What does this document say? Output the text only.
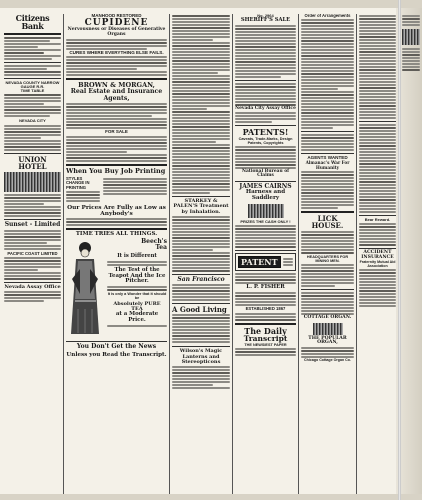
Citizens Bank
NEVADA COUNTY NARROW GAUGE R.R.
TIME TABLE
NEVADA CITY
UNION HOTEL
Sunset - Limited
PACIFIC COAST LIMITED
Nevada Assay Office
MANHOOD RESTORED
CUPIDENE
Nervousness or Diseases of Generative Organs
CURES WHERE EVERYTHING ELSE FAILS.
BROWN & MORGAN,
Real Estate and Insurance Agents,
FOR SALE
When You Buy Job Printing
STYLES CHANGE IN PRINTING
Our Prices Are Fully as Low as Anybody's
TIME TRIES ALL THINGS.
Beech's
Tea
It is Different
The Test of the Teapot And the Ice Pitcher.
It is only a Wonder that it should be
Absolutely PURE TEA
at a Moderate Price.
You Don't Get the News
Unless you Read the Transcript.
STARKEY & PALEN'S Treatment by Inhalation.
San Francisco
A Good Living
Wilson's Magic Lanterns and Stereopticons
No. 2964
SHERIFF'S SALE
Nevada City Assay Office
PATENTS!
Caveats, Trade-Marks, Design Patents, Copyrights
National Bureau of Claims
JAMES CAIRNS
Harness and Saddlery
PRIZES THE CASH ONLY !
PATENT
L. P. FISHER
ESTABLISHED 1867
The Daily
Transcript
THE NEWSIEST PAPER
Order of Arrangements
AGENTS WANTED
Almanac's War For Humanity
LICK HOUSE.
HEADQUARTERS FOR MINING MEN.
COTTAGE ORGAN.
THE POPULAR ORGAN,
Chicago Cottage Organ Co.
Bear Reward.
ACCIDENT INSURANCE
Fraternity Mutual Aid Association
